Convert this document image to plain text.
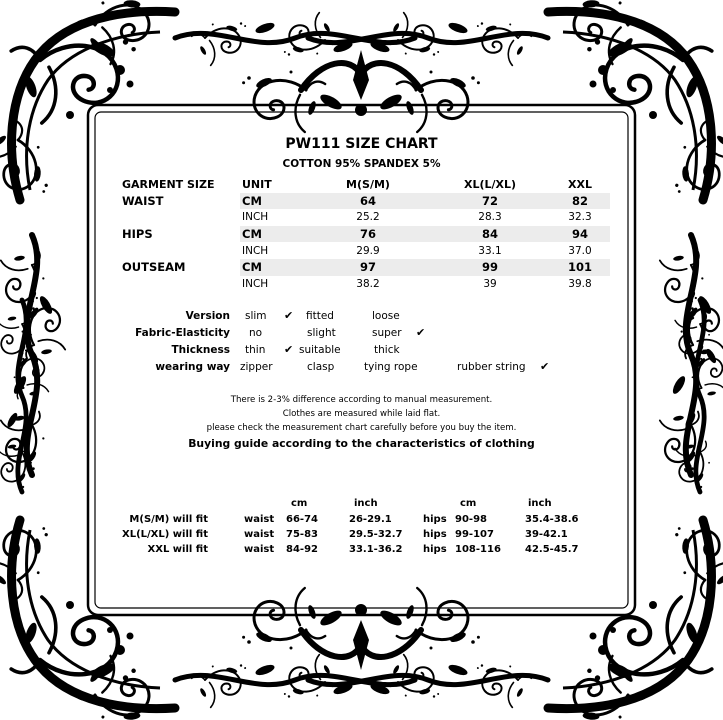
PW111 SIZE CHART
COTTON 95% SPANDEX 5%
GARMENT SIZE	UNIT	M(S/M)	XL(L/XL)	XXL
WAIST	CM	64	72	82
	INCH	25.2	28.3	32.3
HIPS	CM	76	84	94
	INCH	29.9	33.1	37.0
OUTSEAM	CM	97	99	101
	INCH	38.2	39	39.8
Version slim ✔ fitted	loose
Fabric-Elasticity no	slight	super ✔
Thickness thin ✔ suitable	thick
wearing way zipper	clasp	tying rope	rubber string ✔
There is 2-3% difference according to manual measurement.
Clothes are measured while laid flat.
please check the measurement chart carefully before you buy the item.
Buying guide according to the characteristics of clothing
cm	inch	cm	inch
M(S/M) will fit	waist 66-74	26-29.1	hips 90-98	35.4-38.6
XL(L/XL) will fit	waist 75-83	29.5-32.7 hips 99-107	39-42.1
XXL will fit	waist 84-92	33.1-36.2 hips 108-116 42.5-45.7
